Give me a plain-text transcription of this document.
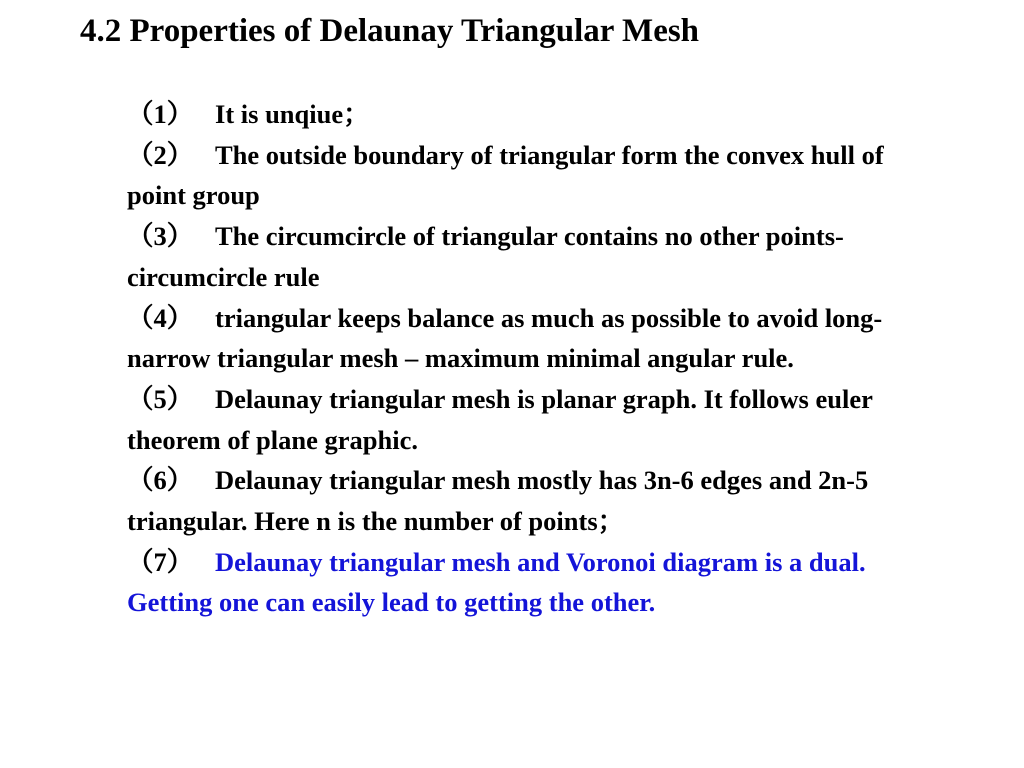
4.2 Properties of Delaunay Triangular Mesh
（1） It is unqiue；
（2） The outside boundary of triangular form the convex hull of point group
（3） The circumcircle of triangular contains no other points-circumcircle rule
（4） triangular keeps balance as much as possible to avoid long-narrow triangular mesh – maximum minimal angular rule.
（5） Delaunay triangular mesh is planar graph. It follows euler theorem of plane graphic.
（6） Delaunay triangular mesh mostly has 3n-6 edges and 2n-5 triangular. Here n is the number of points；
（7） Delaunay triangular mesh and Voronoi diagram is a dual. Getting one can easily lead to getting the other.
